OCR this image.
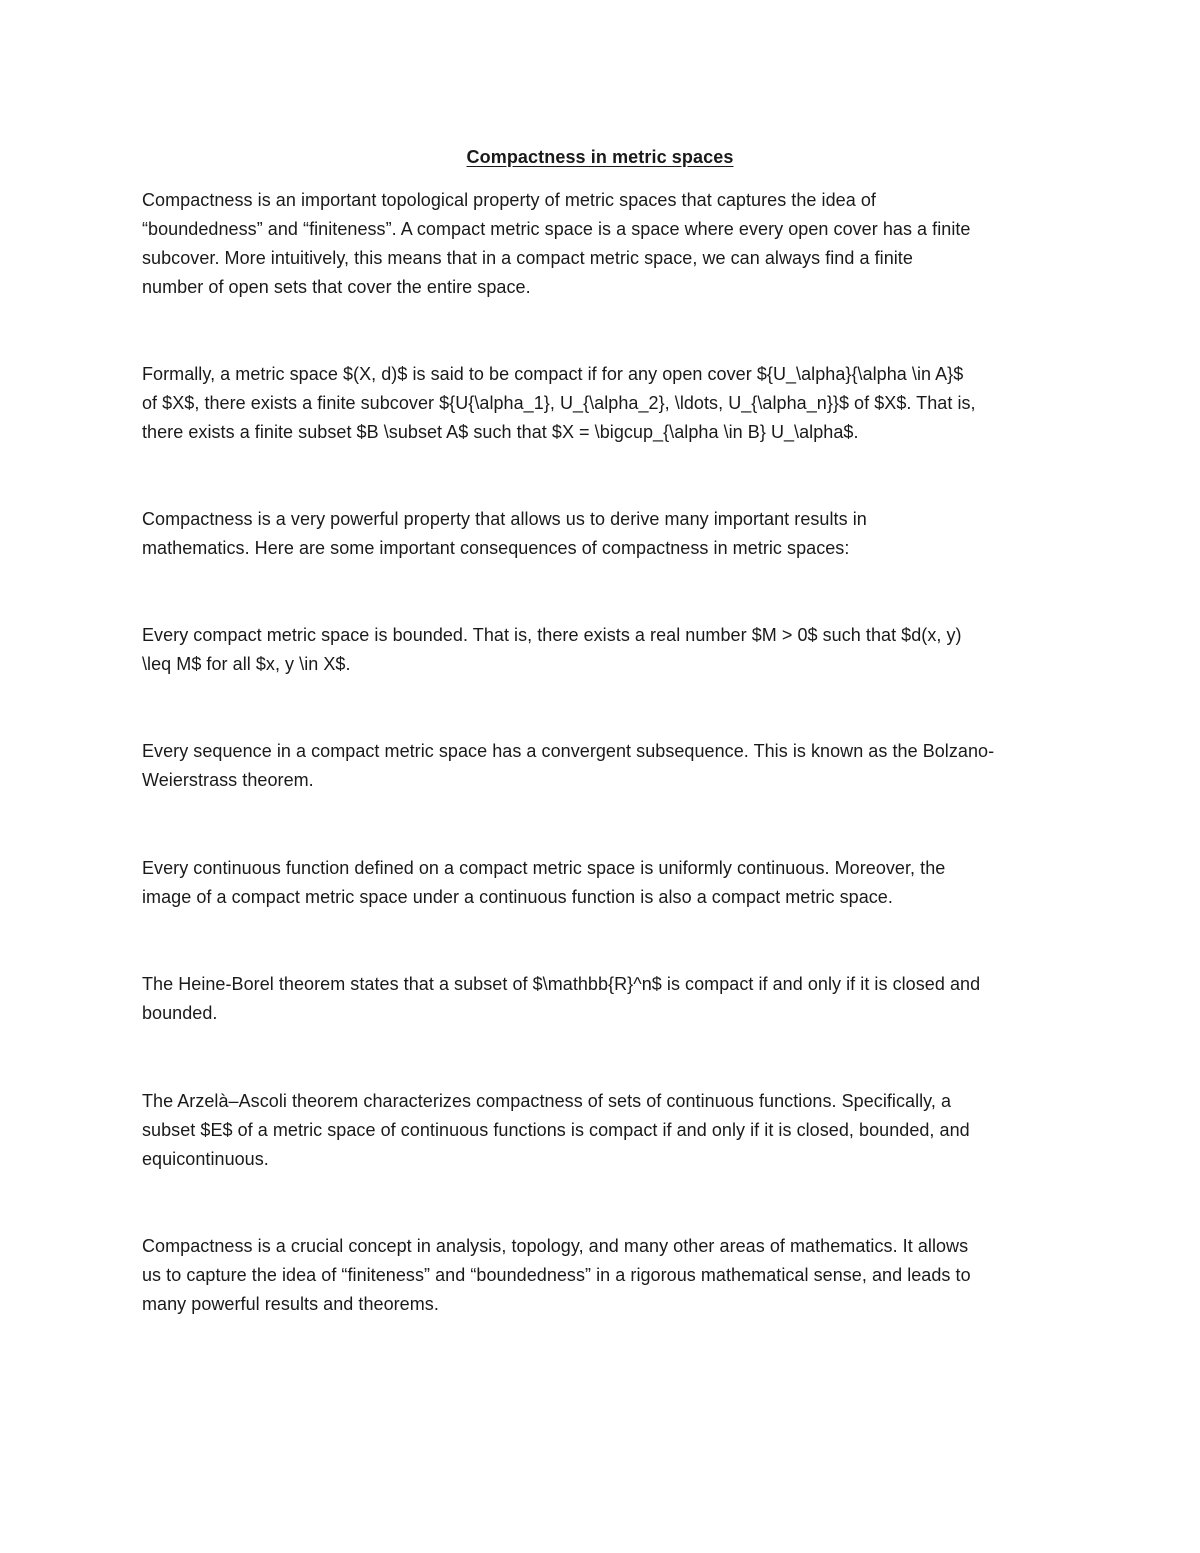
Compactness in metric spaces

Compactness is an important topological property of metric spaces that captures the idea of
“boundedness” and “finiteness”. A compact metric space is a space where every open cover has a finite
subcover. More intuitively, this means that in a compact metric space, we can always find a finite
number of open sets that cover the entire space.

Formally, a metric space $(X, d)$ is said to be compact if for any open cover ${U_\alpha}{\alpha \in A}$
of $X$, there exists a finite subcover ${U{\alpha_1}, U_{\alpha_2}, \ldots, U_{\alpha_n}}$ of $X$. That is,
there exists a finite subset $B \subset A$ such that $X = \bigcup_{\alpha \in B} U_\alpha$.

Compactness is a very powerful property that allows us to derive many important results in
mathematics. Here are some important consequences of compactness in metric spaces:

Every compact metric space is bounded. That is, there exists a real number $M > 0$ such that $d(x, y)
\leq M$ for all $x, y \in X$.

Every sequence in a compact metric space has a convergent subsequence. This is known as the Bolzano-
Weierstrass theorem.

Every continuous function defined on a compact metric space is uniformly continuous. Moreover, the
image of a compact metric space under a continuous function is also a compact metric space.

The Heine-Borel theorem states that a subset of $\mathbb{R}^n$ is compact if and only if it is closed and
bounded.

The Arzelà–Ascoli theorem characterizes compactness of sets of continuous functions. Specifically, a
subset $E$ of a metric space of continuous functions is compact if and only if it is closed, bounded, and
equicontinuous.

Compactness is a crucial concept in analysis, topology, and many other areas of mathematics. It allows
us to capture the idea of “finiteness” and “boundedness” in a rigorous mathematical sense, and leads to
many powerful results and theorems.
